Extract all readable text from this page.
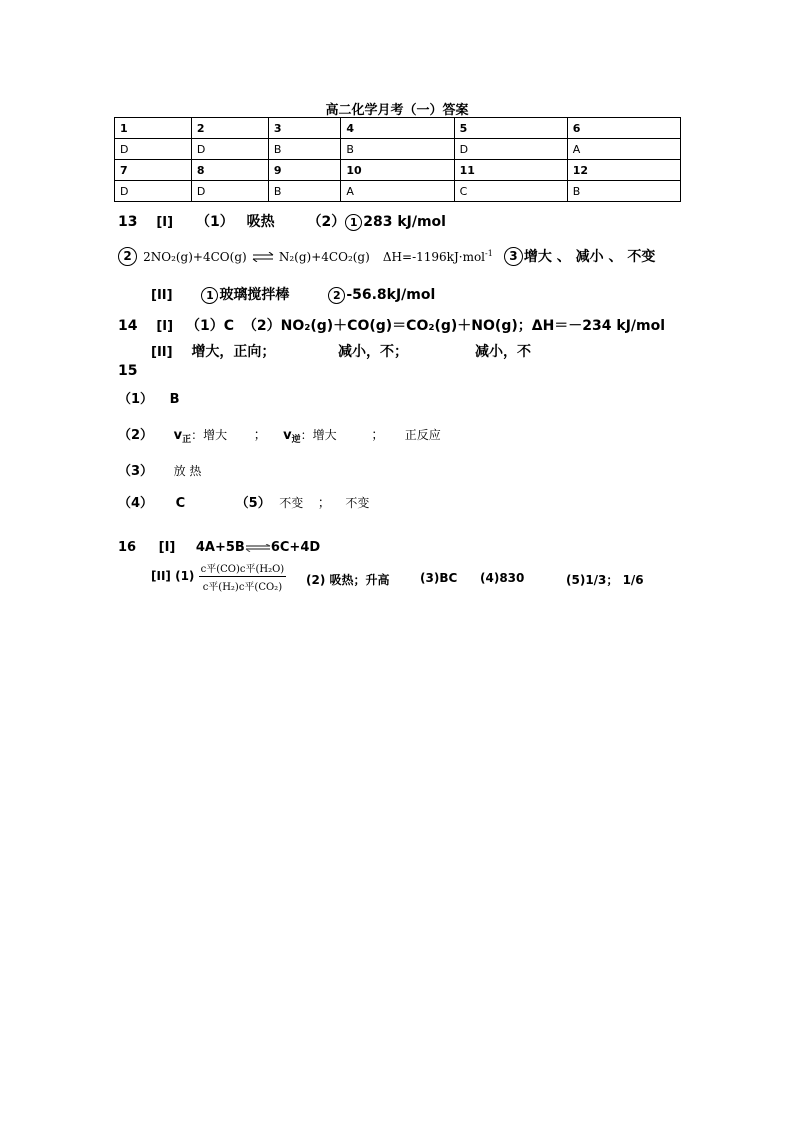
高二化学月考（一）答案
1	2	3	4	5	6
D	D	B	B	D	A
7	8	9	10	11	12
D	D	B	A	C	B
13 [I] （1） 吸热 （2） 1 283 kJ/mol
2 2NO₂(g)+4CO(g) ⇌ N₂(g)+4CO₂(g) ΔH=-1196kJ·mol$^{-1}$ 3 增大 、 减小 、 不变
[II]	1 玻璃搅拌棒	2 -56.8kJ/mol
14 [I] （1）C （2）NO₂(g)＋CO(g)＝CO₂(g)＋NO(g)；ΔH＝－234 kJ/mol
[II] 增大，正向；	减小，不；	减小，不
15
（1） B
（2） $v_正$：增大 ； $v_逆$：增大	； 正反应
（3） 放 热
（4） C	（5） 不变 ； 不变
16 [I] 4A+5B⇌6C+4D
[II] $(1) \frac{\text{c平(CO)c平(H₂O)}}{\text{c平(H₂)c平(CO₂)}} (2)$ 吸热；升高	(3)BC (4)830	(5)1/3； 1/6
